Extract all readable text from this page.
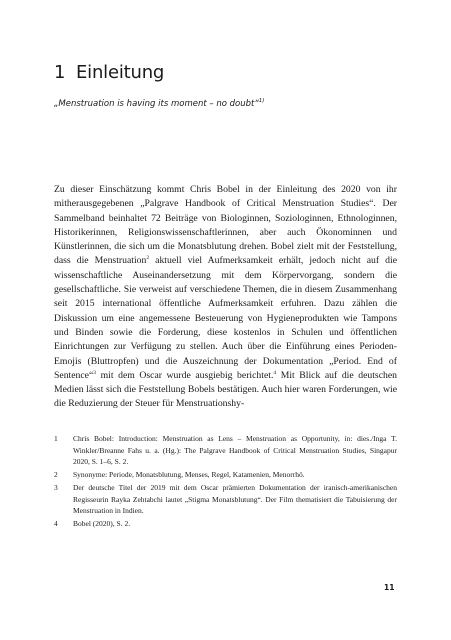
1 Einleitung
„Menstruation is having its moment – no doubt“$^{1)}$

Zu dieser Einschätzung kommt Chris Bobel in der Einleitung des 2020 von ihr mitherausgegebenen „Palgrave Handbook of Critical Menstruation Studies“. Der Sammelband beinhaltet 72 Beiträge von Biologinnen, Soziologinnen, Ethnologinnen, Historikerinnen, Religionswissenschaftlerinnen, aber auch Ökonominnen und Künstlerinnen, die sich um die Monatsblutung drehen. Bobel zielt mit der Feststellung, dass die Menstruation$^2$ aktuell viel Aufmerksamkeit erhält, jedoch nicht auf die wissenschaftliche Auseinandersetzung mit dem Körpervorgang, sondern die gesellschaftliche. Sie verweist auf verschiedene Themen, die in diesem Zusammenhang seit 2015 international öffentliche Aufmerksamkeit erfuhren. Dazu zählen die Diskussion um eine angemessene Besteuerung von Hygieneprodukten wie Tampons und Binden sowie die Forderung, diese kostenlos in Schulen und öffentlichen Einrichtungen zur Verfügung zu stellen. Auch über die Einführung eines Perioden-Emojis (Bluttropfen) und die Auszeichnung der Dokumentation „Period. End of Sentence“$^3$ mit dem Oscar wurde ausgiebig berichtet.$^4$ Mit Blick auf die deutschen Medien lässt sich die Feststellung Bobels bestätigen. Auch hier waren Forderungen, wie die Reduzierung der Steuer für Menstruationshy-

1	Chris Bobel: Introduction: Menstruation as Lens – Menstruation as Opportunity, in: dies./Inga T. Winkler/Breanne Fahs u. a. (Hg.): The Palgrave Handbook of Critical Menstruation Studies, Singapur 2020, S. 1–6, S. 2.
2	Synonyme: Periode, Monatsblutung, Menses, Regel, Katamenien, Menorrhö.
3	Der deutsche Titel der 2019 mit dem Oscar prämierten Dokumentation der iranisch-amerikanischen Regisseurin Rayka Zehtabchi lautet „Stigma Monatsblutung“. Der Film thematisiert die Tabuisierung der Menstruation in Indien.
4	Bobel (2020), S. 2.
11
